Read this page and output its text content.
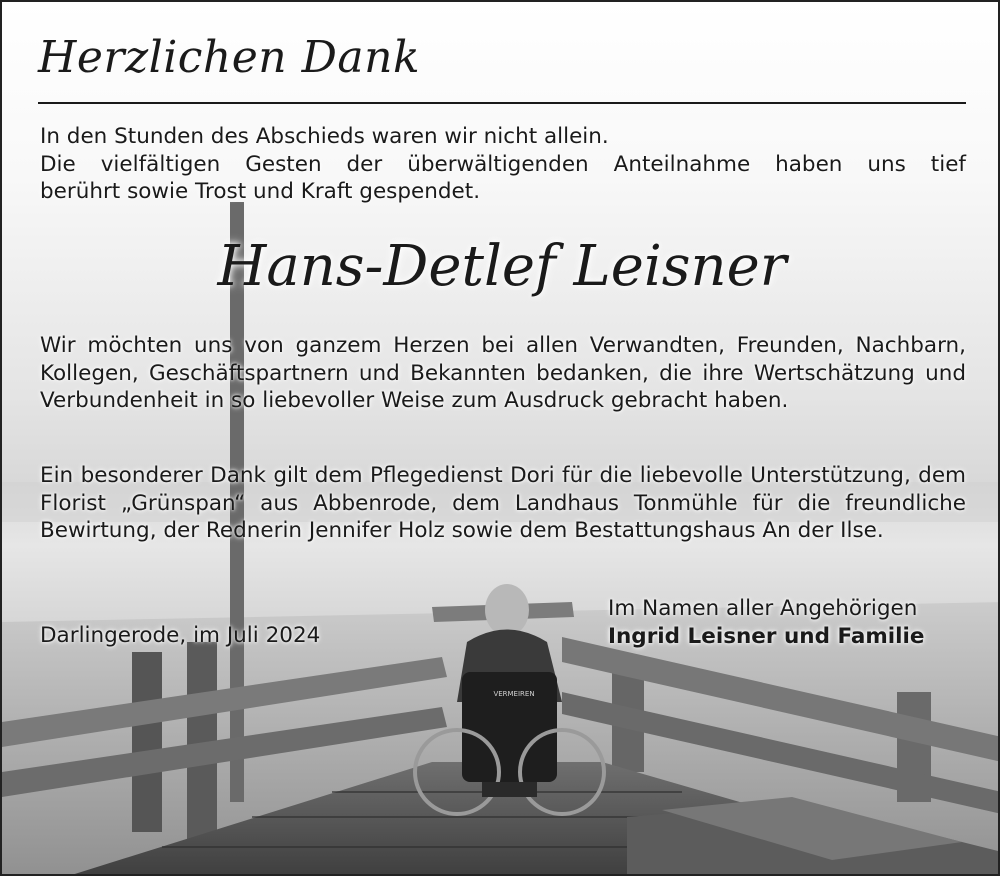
VERMEIREN
Herzlichen Dank

In den Stunden des Abschieds waren wir nicht allein.
Die vielfältigen Gesten der überwältigenden Anteilnahme haben uns tief
berührt sowie Trost und Kraft gespendet.

Hans-Detlef Leisner

Wir möchten uns von ganzem Herzen bei allen Verwandten, Freunden, Nachbarn, Kollegen, Geschäftspartnern und Bekannten bedanken, die ihre Wertschätzung und Verbundenheit in so liebevoller Weise zum Ausdruck gebracht haben.

Ein besonderer Dank gilt dem Pflegedienst Dori für die liebevolle Unterstützung, dem Florist „Grünspan“ aus Abbenrode, dem Landhaus Tonmühle für die freundliche Bewirtung, der Rednerin Jennifer Holz sowie dem Bestattungshaus An der Ilse.

Darlingerode, im Juli 2024

Im Namen aller Angehörigen
Ingrid Leisner und Familie
